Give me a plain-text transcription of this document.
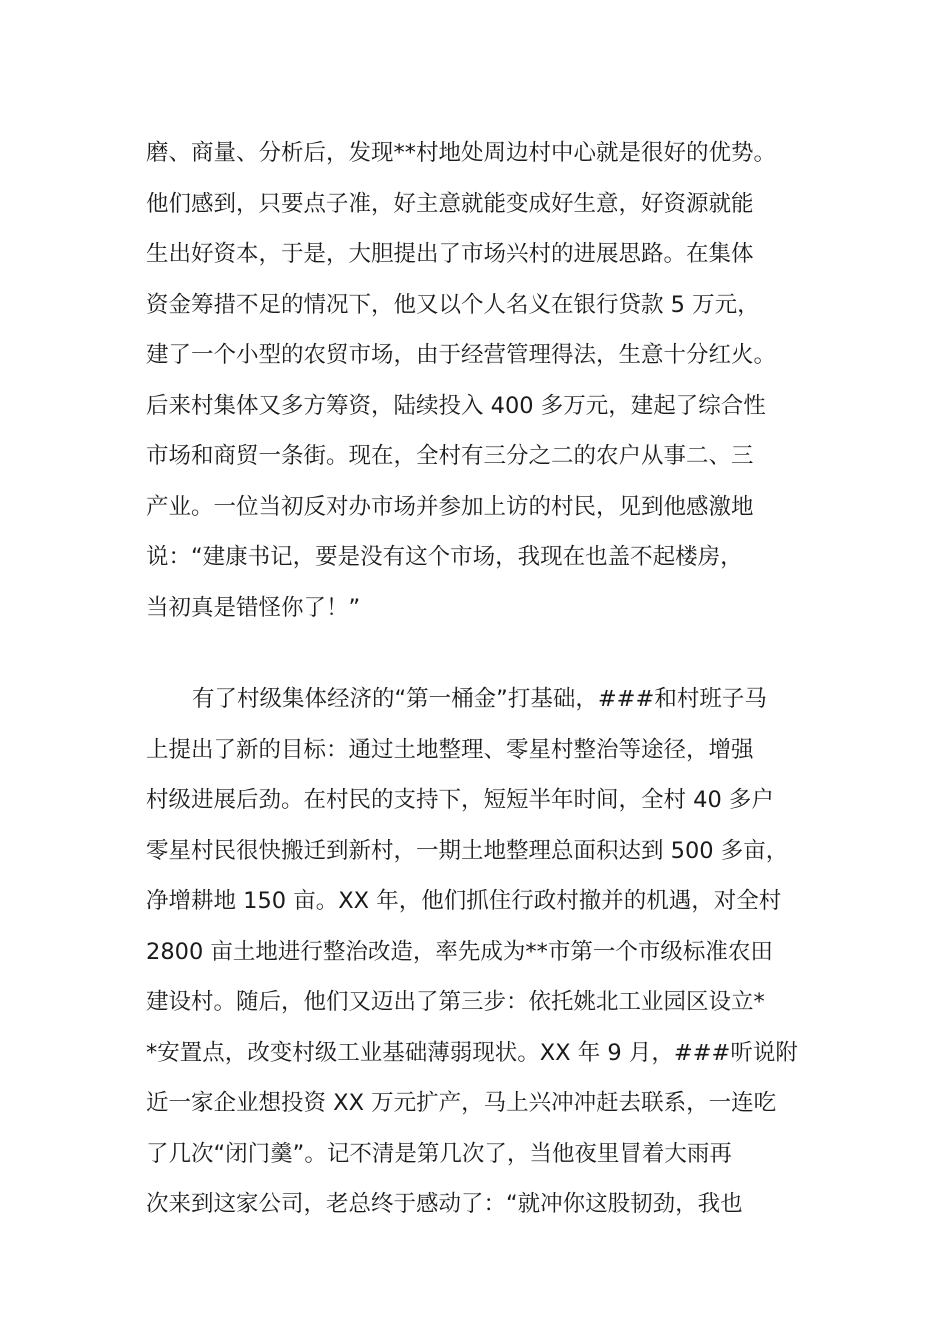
磨、商量、分析后，发现**村地处周边村中心就是很好的优势。
他们感到，只要点子准，好主意就能变成好生意，好资源就能
生出好资本，于是，大胆提出了市场兴村的进展思路。在集体
资金筹措不足的情况下，他又以个人名义在银行贷款 5 万元，
建了一个小型的农贸市场，由于经营管理得法，生意十分红火。
后来村集体又多方筹资，陆续投入 400 多万元，建起了综合性
市场和商贸一条街。现在，全村有三分之二的农户从事二、三
产业。一位当初反对办市场并参加上访的村民，见到他感激地
说：“建康书记，要是没有这个市场，我现在也盖不起楼房，
当初真是错怪你了！”
有了村级集体经济的“第一桶金”打基础，###和村班子马
上提出了新的目标：通过土地整理、零星村整治等途径，增强
村级进展后劲。在村民的支持下，短短半年时间，全村 40 多户
零星村民很快搬迁到新村，一期土地整理总面积达到 500 多亩，
净增耕地 150 亩。XX 年，他们抓住行政村撤并的机遇，对全村
2800 亩土地进行整治改造，率先成为**市第一个市级标准农田
建设村。随后，他们又迈出了第三步：依托姚北工业园区设立*
*安置点，改变村级工业基础薄弱现状。XX 年 9 月，###听说附
近一家企业想投资 XX 万元扩产，马上兴冲冲赶去联系，一连吃
了几次“闭门羹”。记不清是第几次了，当他夜里冒着大雨再
次来到这家公司，老总终于感动了：“就冲你这股韧劲，我也
